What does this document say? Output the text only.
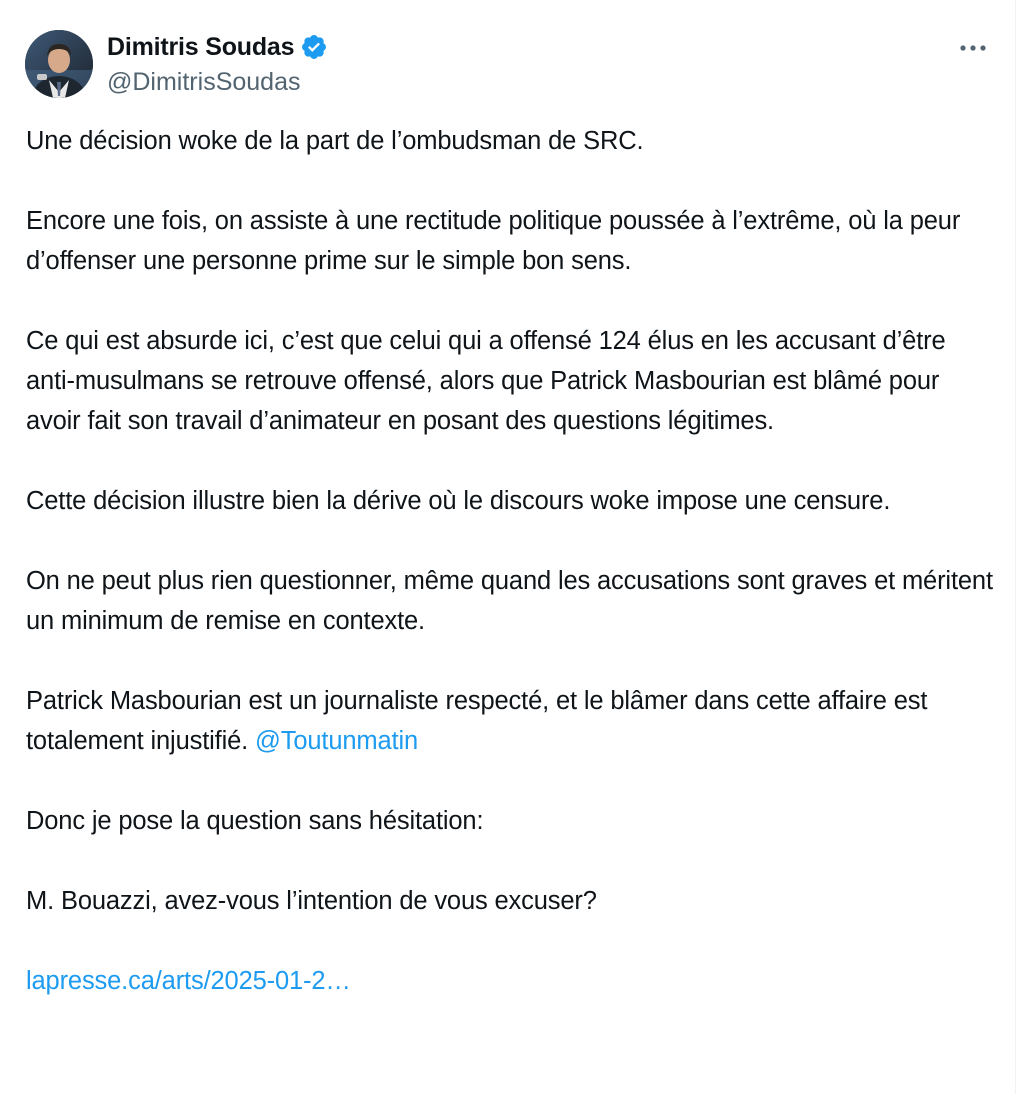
Dimitris Soudas
@DimitrisSoudas

Une décision woke de la part de l’ombudsman de SRC.

Encore une fois, on assiste à une rectitude politique poussée à l’extrême, où la peur d’offenser une personne prime sur le simple bon sens.

Ce qui est absurde ici, c’est que celui qui a offensé 124 élus en les accusant d’être anti-musulmans se retrouve offensé, alors que Patrick Masbourian est blâmé pour avoir fait son travail d’animateur en posant des questions légitimes.

Cette décision illustre bien la dérive où le discours woke impose une censure.

On ne peut plus rien questionner, même quand les accusations sont graves et méritent un minimum de remise en contexte.

Patrick Masbourian est un journaliste respecté, et le blâmer dans cette affaire est totalement injustifié. @Toutunmatin

Donc je pose la question sans hésitation:

M. Bouazzi, avez-vous l’intention de vous excuser?

lapresse.ca/arts/2025-01-2…
